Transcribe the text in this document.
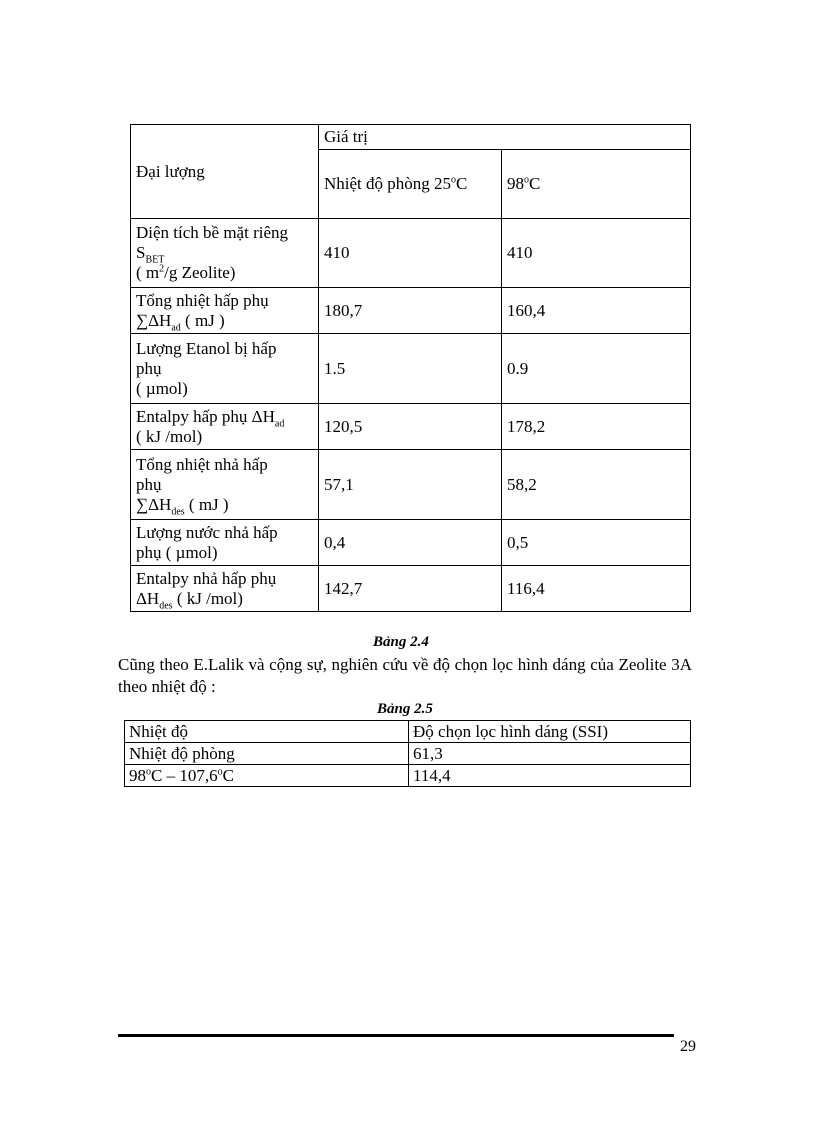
Đại lượng	Giá trị	
	Nhiệt độ phòng 25$^o$C	98$^o$C
Diện tích bề mặt riêng
$S_{BET}$
( $m^2/g$ Zeolite)	410	410
Tổng nhiệt hấp phụ
$\sum\Delta H_{ad}$ ( mJ )	180,7	160,4
Lượng Etanol bị hấp
phụ
( µmol)	1.5	0.9
Entalpy hấp phụ $\Delta H_{ad}$
( kJ /mol)	120,5	178,2
Tổng nhiệt nhả hấp
phụ
$\sum\Delta H_{des}$ ( mJ )	57,1	58,2
Lượng nước nhả hấp
phụ ( µmol)	0,4	0,5
Entalpy nhả hấp phụ
$\Delta H_{des}$ ( kJ /mol)	142,7	116,4
Bảng 2.4
Cũng theo E.Lalik và cộng sự, nghiên cứu về độ chọn lọc hình dáng của Zeolite 3A theo nhiệt độ :
Bảng 2.5
Nhiệt độ	Độ chọn lọc hình dáng (SSI)
Nhiệt độ phòng	61,3
98$^o$C – 107,6$^o$C	114,4
29
